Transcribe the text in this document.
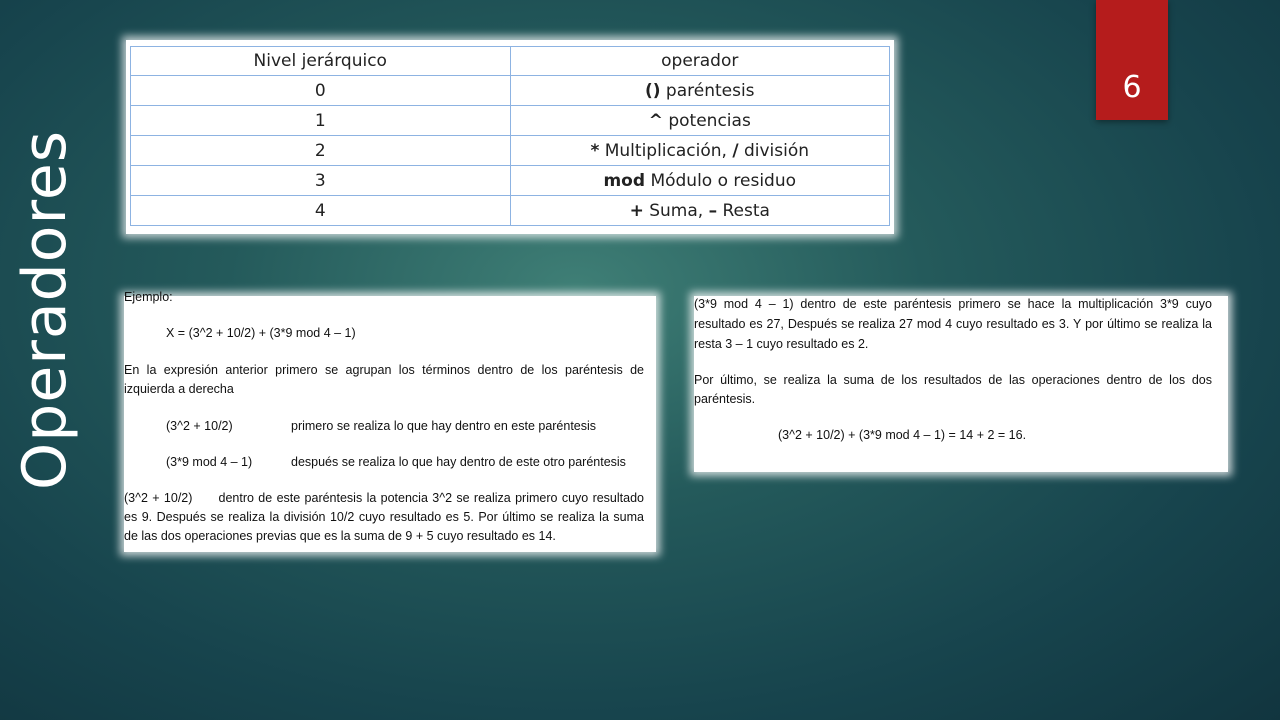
Operadores
6
Nivel jerárquico	operador
0	() paréntesis
1	^ potencias
2	* Multiplicación, / división
3	mod Módulo o residuo
4	+ Suma, – Resta

Ejemplo:

X = (3^2 + 10/2) + (3*9 mod 4 – 1)

En la expresión anterior primero se agrupan los términos dentro de los paréntesis de

izquierda a derecha

(3^2 + 10/2)	primero se realiza lo que hay dentro en este paréntesis
(3*9 mod 4 – 1)	después se realiza lo que hay dentro de este otro paréntesis

(3^2 + 10/2)      dentro de este paréntesis la potencia 3^2 se realiza primero cuyo resultado

es 9. Después se realiza la división 10/2 cuyo resultado es 5. Por último se realiza la suma

de las dos operaciones previas que es la suma de 9 + 5 cuyo resultado es 14.

(3*9 mod 4 – 1) dentro de este paréntesis primero se hace la multiplicación 3*9 cuyo

resultado es 27, Después se realiza 27 mod 4 cuyo resultado es 3. Y por último se realiza la

resta 3 – 1 cuyo resultado es 2.

Por último, se realiza la suma de los resultados de las operaciones dentro de los dos

paréntesis.

(3^2 + 10/2) + (3*9 mod 4 – 1) = 14 + 2 = 16.
